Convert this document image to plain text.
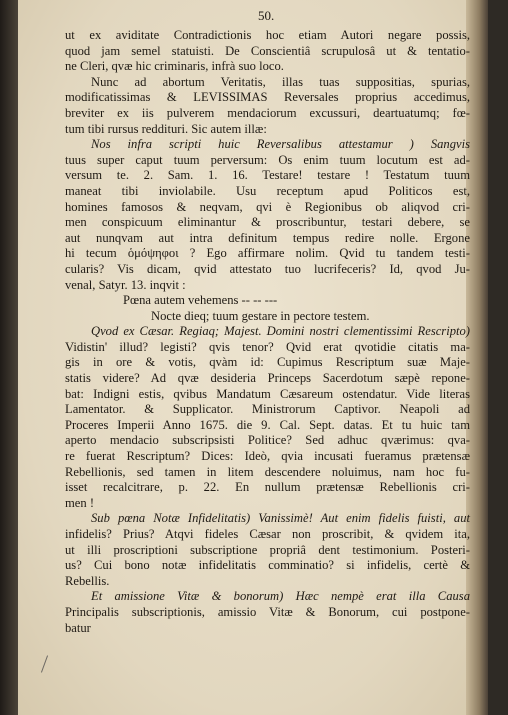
50.
ut ex aviditate Contradictionis hoc etiam Autori negare possis,
quod jam semel statuisti. De Conscientiâ scrupulosâ ut & tentatio-
ne Cleri, qvæ hic criminaris, infrà suo loco.
Nunc ad abortum Veritatis, illas tuas suppositias, spurias,
modificatissimas & LEVISSIMAS Reversales proprius accedimus,
breviter ex iis pulverem mendaciorum excussuri, deartuatumq; fœ-
tum tibi rursus reddituri. Sic autem illæ:
Nos infra scripti huic Reversalibus attestamur ) Sangvis
tuus super caput tuum perversum: Os enim tuum locutum est ad-
versum te. 2. Sam. 1. 16. Testare! testare ! Testatum tuum
maneat tibi inviolabile. Usu receptum apud Politicos est,
homines famosos & neqvam, qvi è Regionibus ob aliqvod cri-
men conspicuum eliminantur & proscribuntur, testari debere, se
aut nunqvam aut intra definitum tempus redire nolle. Ergone
hi tecum ὁμόψηφοι ? Ego affirmare nolim. Qvid tu tandem testi-
cularis? Vis dicam, qvid attestato tuo lucrifeceris? Id, qvod Ju-
venal, Satyr. 13. inqvit :
Pœna autem vehemens -- -- ---
Nocte dieq; tuum gestare in pectore testem.
Qvod ex Cæsar. Regiaq; Majest. Domini nostri clementissimi Rescripto)
Vidistin' illud? legisti? qvis tenor? Qvid erat qvotidie citatis ma-
gis in ore & votis, qvàm id: Cupimus Rescriptum suæ Maje-
statis videre? Ad qvæ desideria Princeps Sacerdotum sæpè repone-
bat: Indigni estis, qvibus Mandatum Cæsareum ostendatur. Vide literas
Lamentator. & Supplicator. Ministrorum Captivor. Neapoli ad
Proceres Imperii Anno 1675. die 9. Cal. Sept. datas. Et tu huic tam
aperto mendacio subscripsisti Politice? Sed adhuc qværimus: qva-
re fuerat Rescriptum? Dices: Ideò, qvia incusati fueramus prætensæ
Rebellionis, sed tamen in litem descendere noluimus, nam hoc fu-
isset recalcitrare, p. 22. En nullum prætensæ Rebellionis cri-
men !
Sub pœna Notæ Infidelitatis) Vanissimè! Aut enim fidelis fuisti, aut
infidelis? Prius? Atqvi fideles Cæsar non proscribit, & qvidem ita,
ut illi proscriptioni subscriptione propriâ dent testimonium. Posteri-
us? Cui bono notæ infidelitatis comminatio? si infidelis, certè &
Rebellis.
Et amissione Vitæ & bonorum) Hæc nempè erat illa Causa
Principalis subscriptionis, amissio Vitæ & Bonorum, cui postpone-
batur
